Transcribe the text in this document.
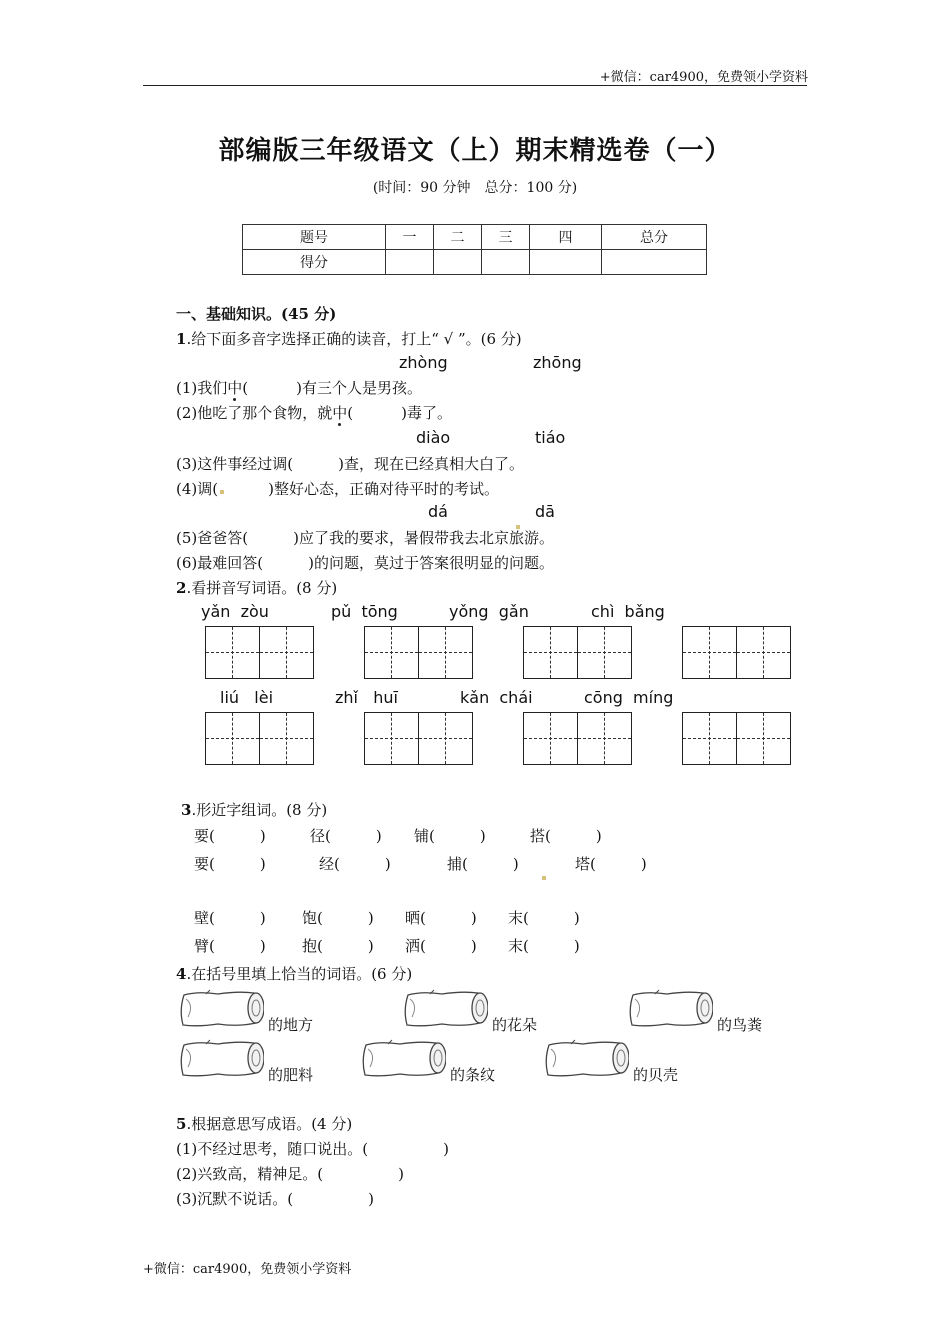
+微信：car4900，免费领小学资料
部编版三年级语文（上）期末精选卷（一）
(时间：90 分钟　总分：100 分)
题号	一	二	三	四	总分
得分					
一、基础知识。(45 分)
1.给下面多音字选择正确的读音，打上“ √ ”。(6 分)
zhòng	zhōng
(1)我们中(	)有三个人是男孩。
(2)他吃了那个食物，就中(	)毒了。
diào	tiáo
(3)这件事经过调(　　　)查，现在已经真相大白了。
(4)调(	)整好心态，正确对待平时的考试。
dá	dā
(5)爸爸答(　　　)应了我的要求，暑假带我去北京旅游。
(6)最难回答(　　　)的问题，莫过于答案很明显的问题。
2.看拼音写词语。(8 分)
yǎn  zòu	pǔ  tōng	yǒng  gǎn	chì  bǎng
liú   lèi	zhǐ   huī	kǎn  chái	cōng  míng
3.形近字组词。(8 分)
要(　　　)	径(　　　) 铺(　　　)	搭(　　　)
要(　　　)	经(　　　)	捕(　　　)	塔(　　　)
壁(　　　) 饱(　　　) 晒(　　　) 末(　　　)
臂(　　　) 抱(　　　) 洒(　　　) 末(　　　)
4.在括号里填上恰当的词语。(6 分)
的地方	的花朵	的鸟粪
的肥料	的条纹	的贝壳
5.根据意思写成语。(4 分)
(1)不经过思考，随口说出。(　　　　　)
(2)兴致高，精神足。(　　　　　)
(3)沉默不说话。(　　　　　)
+微信：car4900，免费领小学资料
